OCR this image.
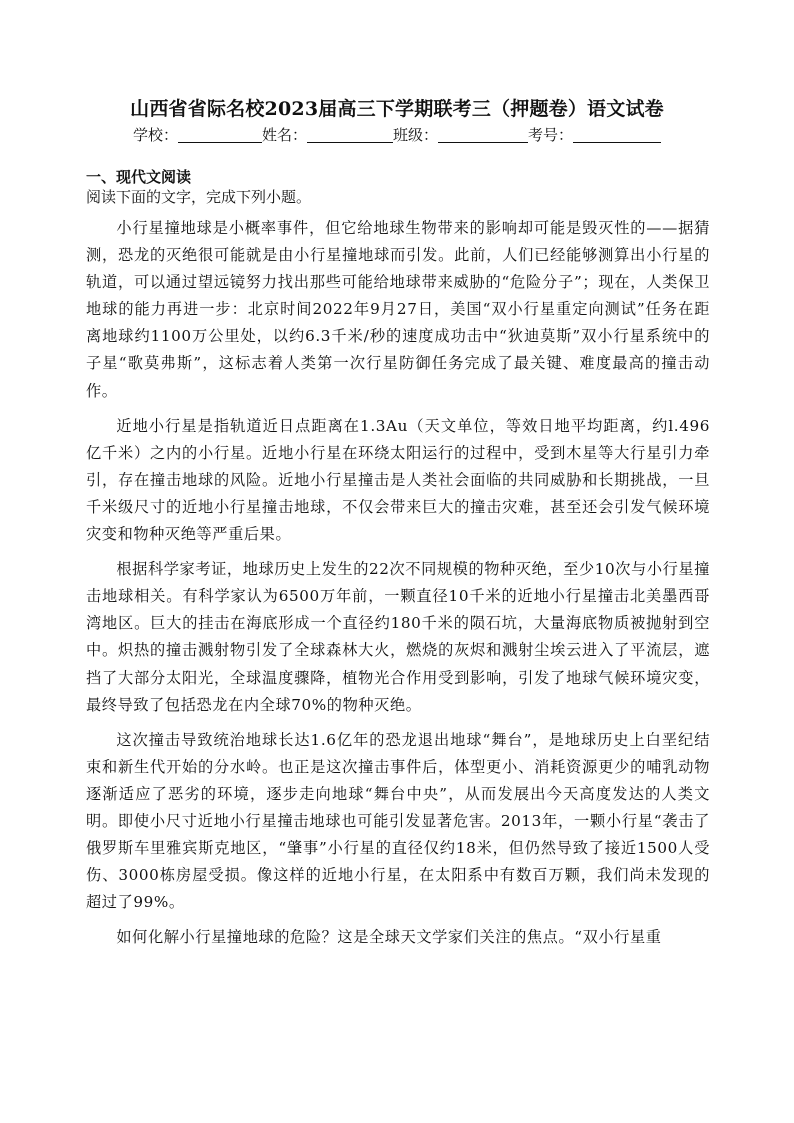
山西省省际名校2023届高三下学期联考三（押题卷）语文试卷
学校：	姓名：	班级：	考号：
一、现代文阅读
阅读下面的文字，完成下列小题。

小行星撞地球是小概率事件，但它给地球生物带来的影响却可能是毁灭性的——据猜测，恐龙的灭绝很可能就是由小行星撞地球而引发。此前，人们已经能够测算出小行星的轨道，可以通过望远镜努力找出那些可能给地球带来威胁的“危险分子”；现在，人类保卫地球的能力再进一步：北京时间2022年9月27日，美国“双小行星重定向测试”任务在距离地球约1100万公里处，以约6.3千米/秒的速度成功击中“狄迪莫斯”双小行星系统中的子星“歌莫弗斯”，这标志着人类第一次行星防御任务完成了最关键、难度最高的撞击动作。

近地小行星是指轨道近日点距离在1.3Au（天文单位，等效日地平均距离，约l.496亿千米）之内的小行星。近地小行星在环绕太阳运行的过程中，受到木星等大行星引力牵引，存在撞击地球的风险。近地小行星撞击是人类社会面临的共同威胁和长期挑战，一旦千米级尺寸的近地小行星撞击地球，不仅会带来巨大的撞击灾难，甚至还会引发气候环境灾变和物种灭绝等严重后果。

根据科学家考证，地球历史上发生的22次不同规模的物种灭绝，至少10次与小行星撞击地球相关。有科学家认为6500万年前，一颗直径10千米的近地小行星撞击北美墨西哥湾地区。巨大的挂击在海底形成一个直径约180千米的陨石坑，大量海底物质被抛射到空中。炽热的撞击溅射物引发了全球森林大火，燃烧的灰烬和溅射尘埃云进入了平流层，遮挡了大部分太阳光，全球温度骤降，植物光合作用受到影响，引发了地球气候环境灾变，最终导致了包括恐龙在内全球70%的物种灭绝。

这次撞击导致统治地球长达1.6亿年的恐龙退出地球“舞台”，是地球历史上白垩纪结束和新生代开始的分水岭。也正是这次撞击事件后，体型更小、消耗资源更少的哺乳动物逐渐适应了恶劣的环境，逐步走向地球“舞台中央”，从而发展出今天高度发达的人类文明。即使小尺寸近地小行星撞击地球也可能引发显著危害。2013年，一颗小行星“袭击了俄罗斯车里雅宾斯克地区，“肇事”小行星的直径仅约18米，但仍然导致了接近1500人受伤、3000栋房屋受损。像这样的近地小行星，在太阳系中有数百万颗，我们尚未发现的超过了99%。

如何化解小行星撞地球的危险？这是全球天文学家们关注的焦点。“双小行星重
